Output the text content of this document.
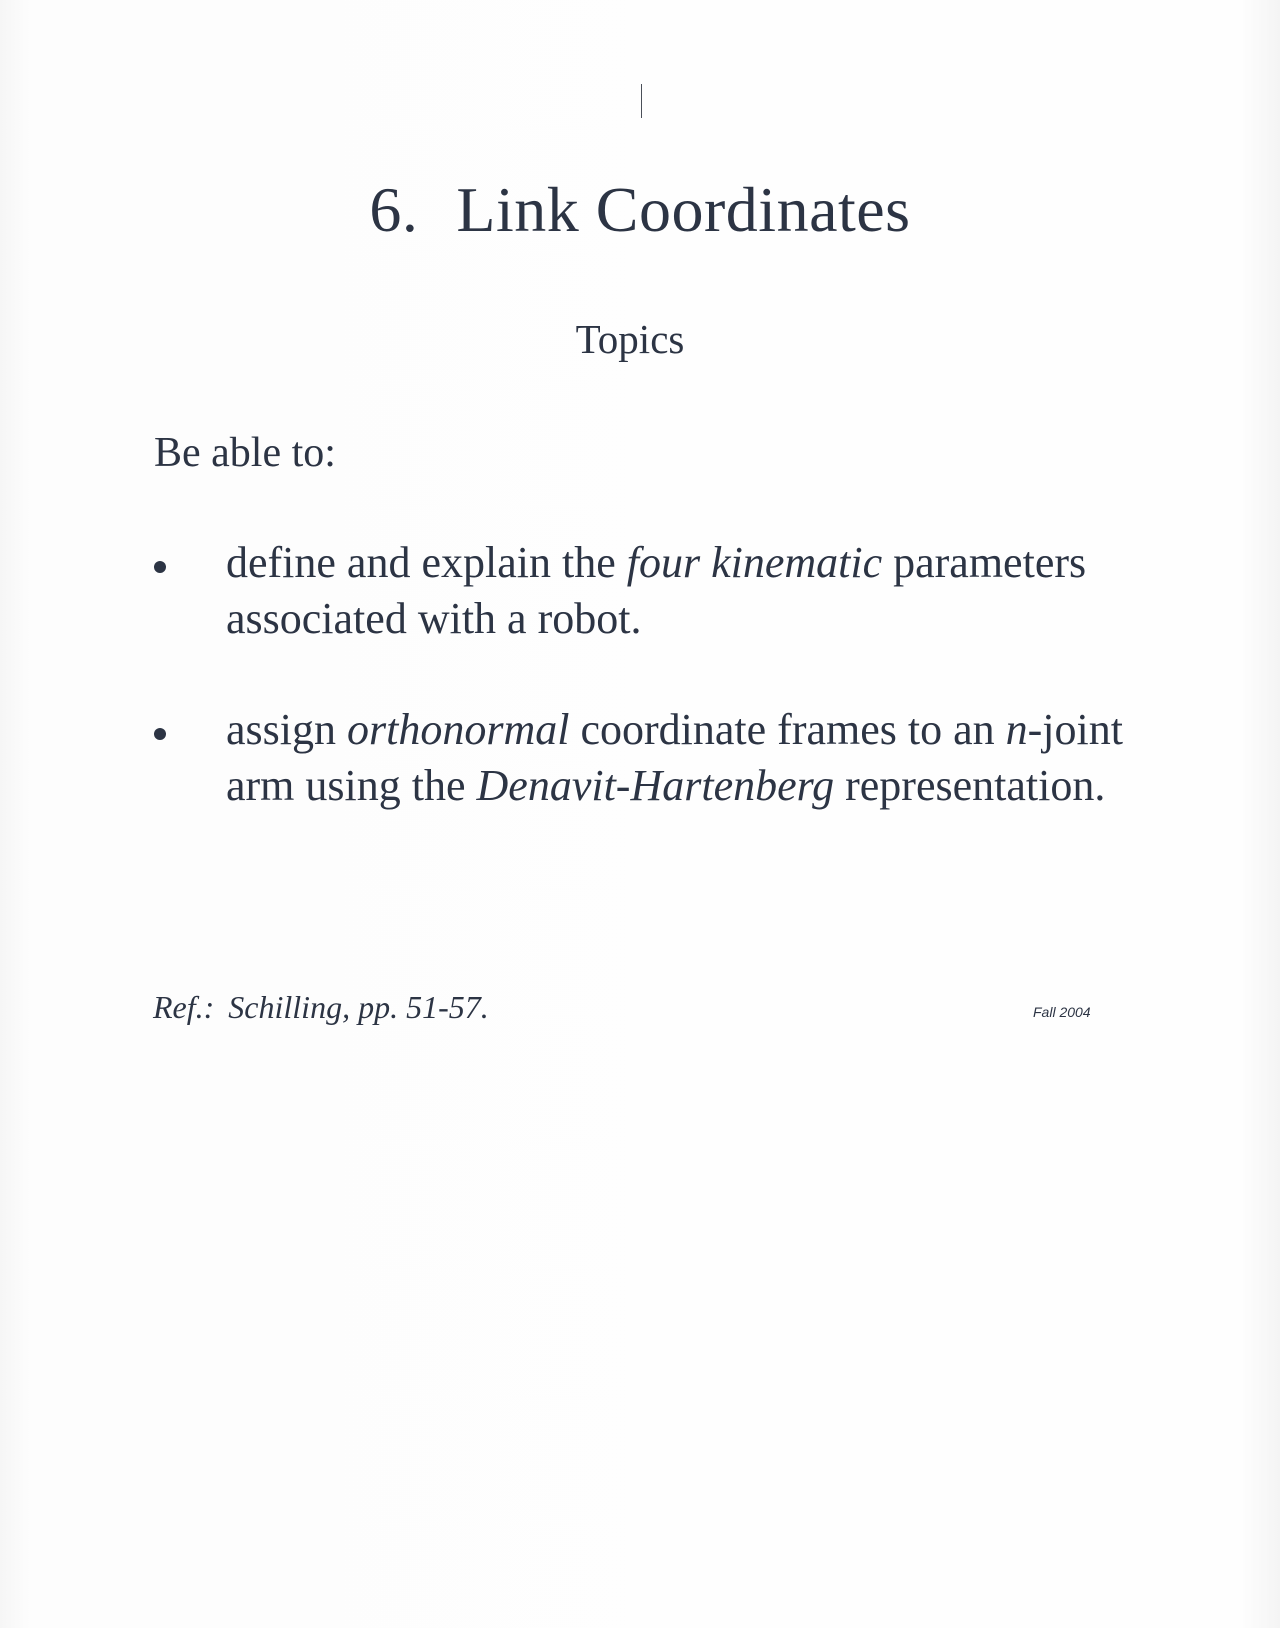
6. Link Coordinates
Topics
Be able to:
define and explain the four kinematic parameters associated with a robot.
assign orthonormal coordinate frames to an n-joint arm using the Denavit-Hartenberg representation.
Ref.: Schilling, pp. 51-57.	Fall 2004
